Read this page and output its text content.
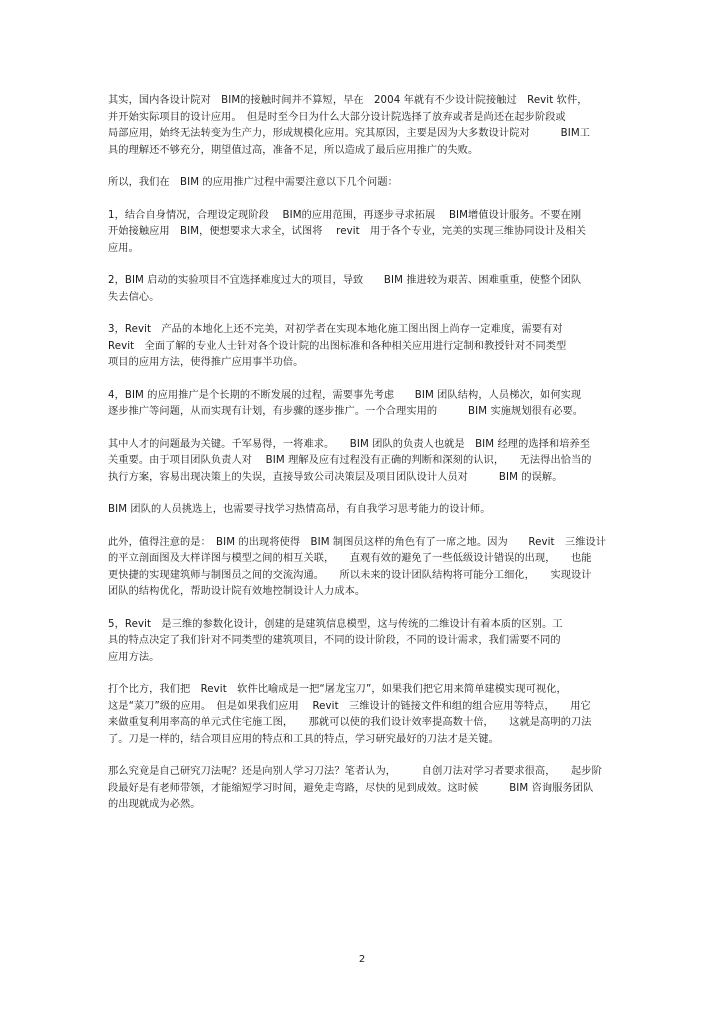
其实，国内各设计院对　BIM的接触时间并不算短，早在　2004 年就有不少设计院接触过　Revit 软件，
并开始实际项目的设计应用。　但是时至今日为什么大部分设计院选择了放弃或者是尚还在起步阶段或
局部应用，始终无法转变为生产力，形成规模化应用。究其原因，主要是因为大多数设计院对　　　BIM工
具的理解还不够充分，期望值过高，准备不足，所以造成了最后应用推广的失败。
所以，我们在　BIM 的应用推广过程中需要注意以下几个问题：
1，结合自身情况，合理设定现阶段　 BIM的应用范围，再逐步寻求拓展　 BIM增值设计服务。不要在刚
开始接触应用　BIM，便想要求大求全，试图将　 revit　用于各个专业，完美的实现三维协同设计及相关
应用。
2，BIM 启动的实验项目不宜选择难度过大的项目，导致　　BIM 推进较为艰苦、困难重重，使整个团队
失去信心。
3，Revit　产品的本地化上还不完美，对初学者在实现本地化施工图出图上尚存一定难度，需要有对
Revit　全面了解的专业人士针对各个设计院的出图标准和各种相关应用进行定制和教授针对不同类型
项目的应用方法，使得推广应用事半功倍。
4，BIM 的应用推广是个长期的不断发展的过程，需要事先考虑　　BIM 团队结构，人员梯次，如何实现
逐步推广等问题，从而实现有计划，有步骤的逐步推广。一个合理实用的　　　BIM 实施规划很有必要。
其中人才的问题最为关键。千军易得，一将难求。　　BIM 团队的负责人也就是　BIM 经理的选择和培养至
关重要。由于项目团队负责人对　 BIM 理解及应有过程没有正确的判断和深刻的认识，　　无法得出恰当的
执行方案，容易出现决策上的失误，直接导致公司决策层及项目团队设计人员对　　　BIM 的误解。
BIM 团队的人员挑选上，也需要寻找学习热情高昂，有自我学习思考能力的设计师。
此外，值得注意的是：　BIM 的出现将使得　BIM 制图员这样的角色有了一席之地。因为　　Revit　三维设计
的平立剖面图及大样详图与模型之间的相互关联，　　直观有效的避免了一些低级设计错误的出现，　　也能
更快捷的实现建筑师与制图员之间的交流沟通。　　所以未来的设计团队结构将可能分工细化，　　实现设计
团队的结构优化，帮助设计院有效地控制设计人力成本。
5，Revit　是三维的参数化设计，创建的是建筑信息模型，这与传统的二维设计有着本质的区别。工
具的特点决定了我们针对不同类型的建筑项目，不同的设计阶段，不同的设计需求，我们需要不同的
应用方法。
打个比方，我们把　Revit　软件比喻成是一把“屠龙宝刀”，如果我们把它用来简单建模实现可视化，
这是“菜刀”级的应用。　但是如果我们应用　 Revit　三维设计的链接文件和组的组合应用等特点，　　用它
来做重复利用率高的单元式住宅施工图，　　那就可以使的我们设计效率提高数十倍，　　这就是高明的刀法
了。刀是一样的，结合项目应用的特点和工具的特点，学习研究最好的刀法才是关键。
那么究竟是自己研究刀法呢？还是向别人学习刀法？笔者认为，　　　自创刀法对学习者要求很高，　　起步阶
段最好是有老师带领，才能缩短学习时间，避免走弯路，尽快的见到成效。这时候　　　BIM 咨询服务团队
的出现就成为必然。
2
